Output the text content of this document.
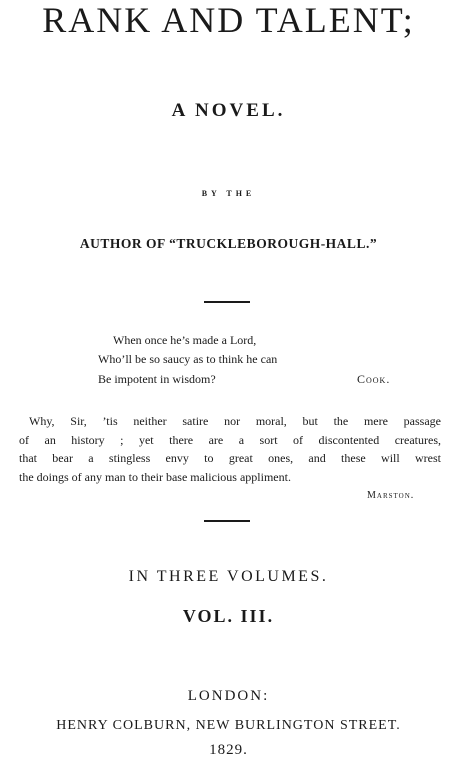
RANK AND TALENT;
A NOVEL.
BY THE
AUTHOR OF “TRUCKLEBOROUGH-HALL.”
When once he’s made a Lord,
Who’ll be so saucy as to think he can
Be impotent in wisdom?	Cook.
Why, Sir, ’tis neither satire nor moral, but the mere passage
of an history ; yet there are a sort of discontented creatures,
that bear a stingless envy to great ones, and these will wrest
the doings of any man to their base malicious appliment.
Marston.
IN THREE VOLUMES.
VOL. III.
LONDON:
HENRY COLBURN, NEW BURLINGTON STREET.
1829.
